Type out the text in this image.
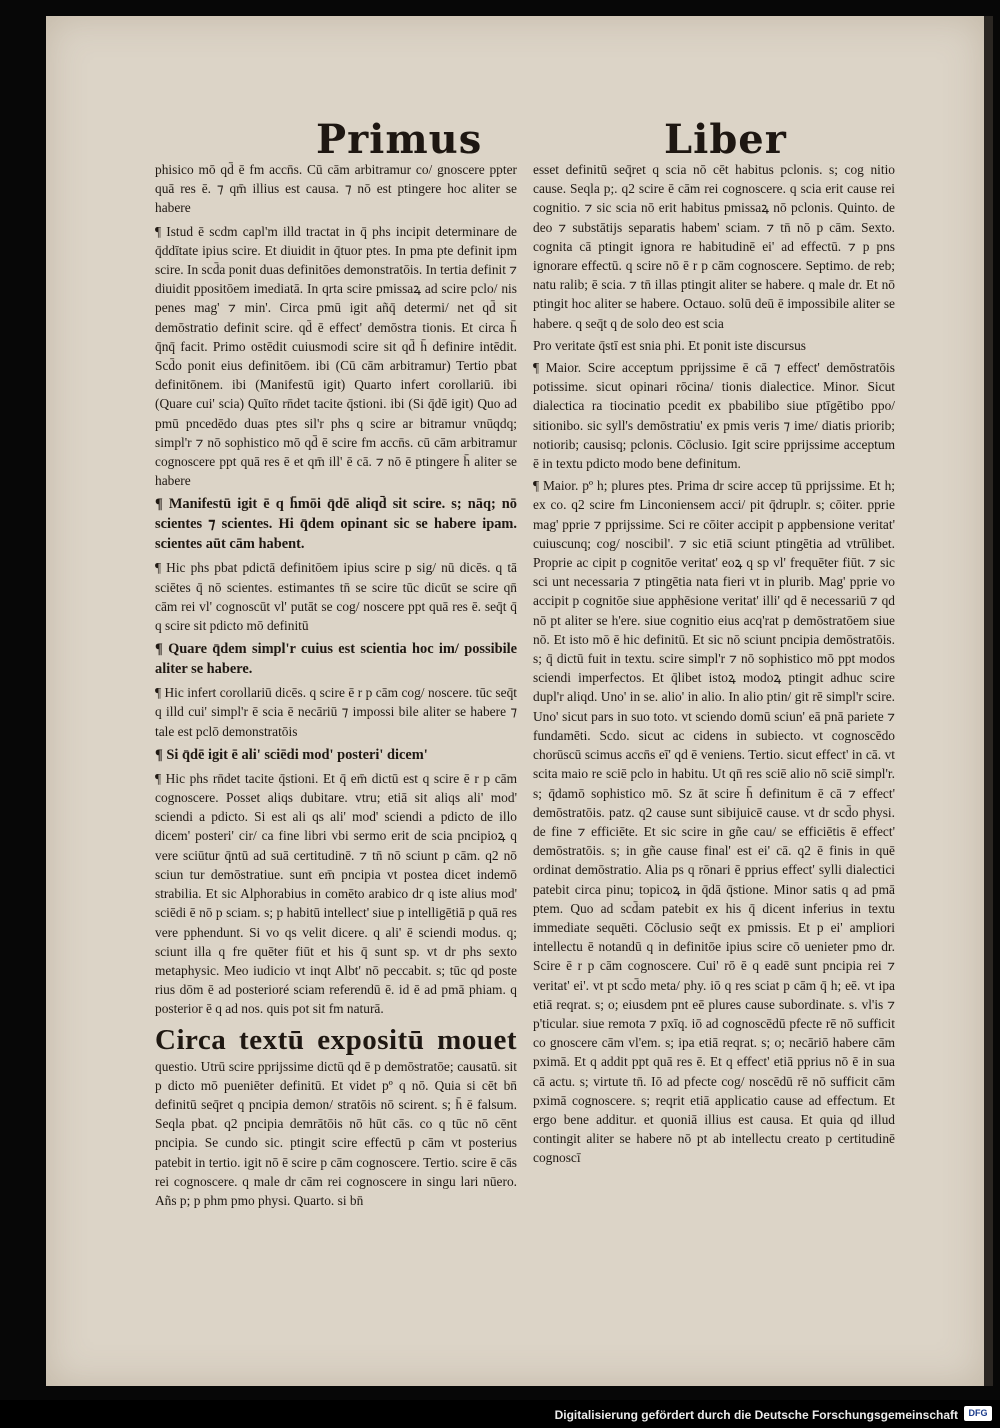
Primus	Liber

phisico mō qd̄ ē fm accn̄s. Cū cām arbitramur co/ gnoscere ppter quā res ē. ⁊ qm̄ illius est causa. ⁊ nō est ptingere hoc aliter se habere

¶ Istud ē scdm capl'm illd tractat in q̄ phs incipit determinare de q̄ddītate ipius scire. Et diuidit in q̄tuor ptes. In pma pte definit ipm scire. In scd̄a ponit duas definitōes demonstratōis. In tertia definit ⁊ diuidit ppositōem imediatā. In qrta scire pmissaꝝ ad scire pclo/ nis penes mag' ⁊ min'. Circa pmū igit añq̄ determi/ net qd̄ sit demōstratio definit scire. qd̄ ē effect' demōstra tionis. Et circa h̄ q̄nq̄ facit. Primo ostēdit cuiusmodi scire sit qd̄ h̄ definire intēdit. Scd̄o ponit eius definitōem. ibi (Cū cām arbitramur) Tertio pbat definitōnem. ibi (Manifestū igit) Quarto infert corollariū. ibi (Quare cui' scia) Quīto rn̄det tacite q̄stioni. ibi (Si q̄dē igit) Quo ad pmū pncedēdo duas ptes sil'r phs q scire ar bitramur vnūqdq; simpl'r ⁊ nō sophistico mō qd̄ ē scire fm accn̄s. cū cām arbitramur cognoscere ppt quā res ē et qm̄ ill' ē cā. ⁊ nō ē ptingere h̄ aliter se habere

¶ Manifestū igit ē q h̄mōi q̄dē aliqd̄ sit scire. s; nāq; nō scientes ⁊ scientes. Hi q̄dem opinant sic se habere ipam. scientes aūt cām habent.

¶ Hic phs pbat pdictā definitōem ipius scire p sig/ nū dicēs. q tā sciētes q̄ nō scientes. estimantes tn̄ se scire tūc dicūt se scire qn̄ cām rei vl' cognoscūt vl' putāt se cog/ noscere ppt quā res ē. seq̄t q̄ q scire sit pdicto mō definitū

¶ Quare q̄dem simpl'r cuius est scientia hoc im/ possibile aliter se habere.

¶ Hic infert corollariū dicēs. q scire ē r p cām cog/ noscere. tūc seq̄t q illd cui' simpl'r ē scia ē necāriū ⁊ impossi bile aliter se habere ⁊ tale est pclō demonstratōis

¶ Si q̄dē igit ē ali' sciēdi mod' posteri' dicem'

¶ Hic phs rn̄det tacite q̄stioni. Et q̄ em̄ dictū est q scire ē r p cām cognoscere. Posset aliqs dubitare. vtru; etiā sit aliqs ali' mod' sciendi a pdicto. Si est ali qs ali' mod' sciendi a pdicto de illo dicem' posteri' cir/ ca fine libri vbi sermo erit de scia pncipioꝝ q vere sciūtur q̄ntū ad suā certitudinē. ⁊ tn̄ nō sciunt p cām. q2 nō sciun tur demōstratiue. sunt em̄ pncipia vt postea dicet indemō strabilia. Et sic Alphorabius in comēto arabico dr q iste alius mod' sciēdi ē nō p sciam. s; p habitū intellect' siue p intelligētiā p quā res vere pphendunt. Si vo qs velit dicere. q ali' ē sciendi modus. q; sciunt illa q fre quēter fiūt et his q̄ sunt sp. vt dr phs sexto metaphysic. Meo iudicio vt inqt Albt' nō peccabit. s; tūc qd poste rius dōm ē ad posterioré sciam referendū ē. id ē ad pmā phiam. q posterior ē q ad nos. quis pot sit fm naturā.

Circa textū expositū mouet questio. Utrū scire pprijssime dictū qd ē p demōstratōe; causatū. sit p dicto mō pueniēter definitū. Et videt pº q nō. Quia si cēt bn̄ definitū seq̄ret q pncipia demon/ stratōis nō scirent. s; h̄ ē falsum. Seqla pbat. q2 pncipia demrātōis nō hūt cās. co q tūc nō cēnt pncipia. Se cundo sic. ptingit scire effectū p cām vt posterius patebit in tertio. igit nō ē scire p cām cognoscere. Tertio. scire ē cās rei cognoscere. q male dr cām rei cognoscere in singu lari nūero. Añs p; p phm pmo physi. Quarto. si bn̄

esset definitū seq̄ret q scia nō cēt habitus pclonis. s; cog nitio cause. Seqla p;. q2 scire ē cām rei cognoscere. q scia erit cause rei cognitio. ⁊ sic scia nō erit habitus pmissaꝝ nō pclonis. Quinto. de deo ⁊ substātijs separatis habem' sciam. ⁊ tn̄ nō p cām. Sexto. cognita cā ptingit ignora re habitudinē ei' ad effectū. ⁊ p pns ignorare effectū. q scire nō ē r p cām cognoscere. Septimo. de reb; natu ralib; ē scia. ⁊ tn̄ illas ptingit aliter se habere. q male dr. Et nō ptingit hoc aliter se habere. Octauo. solū deū ē impossibile aliter se habere. q seq̄t q de solo deo est scia

Pro veritate q̄stī est snia phi. Et ponit iste discursus

¶ Maior. Scire acceptum pprijssime ē cā ⁊ effect' demōstratōis potissime. sicut opinari rōcina/ tionis dialectice. Minor. Sicut dialectica ra tiocinatio pcedit ex pbabilibo siue ptīgētibo ppo/ sitionibo. sic syll's demōstratiu' ex pmis veris ⁊ ime/ diatis priorib; notiorib; causisq; pclonis. Cōclusio. Igit scire pprijssime acceptum ē in textu pdicto modo bene definitum.

¶ Maior. pº h; plures ptes. Prima dr scire accep tū pprijssime. Et h; ex co. q2 scire fm Linconiensem acci/ pit q̄druplr. s; cōiter. pprie mag' pprie ⁊ pprijssime. Sci re cōiter accipit p appbensione veritat' cuiuscunq; cog/ noscibil'. ⁊ sic etiā sciunt ptingētia ad vtrūlibet. Proprie ac cipit p cognitōe veritat' eoꝝ q sp vl' frequēter fiūt. ⁊ sic sci unt necessaria ⁊ ptingētia nata fieri vt in plurib. Mag' pprie vo accipit p cognitōe siue apphēsione veritat' illi' qd ē necessariū ⁊ qd nō pt aliter se h'ere. siue cognitio eius acq'rat p demōstratōem siue nō. Et isto mō ē hic definitū. Et sic nō sciunt pncipia demōstratōis. s; q̄ dictū fuit in textu. scire simpl'r ⁊ nō sophistico mō ppt modos sciendi imperfectos. Et q̄libet istoꝝ modoꝝ ptingit adhuc scire dupl'r aliqd. Uno' in se. alio' in alio. In alio ptin/ git rē simpl'r scire. Uno' sicut pars in suo toto. vt sciendo domū sciun' eā pnā pariete ⁊ fundamēti. Scdo. sicut ac cidens in subiecto. vt cognoscēdo chorūscū scimus accn̄s eī' qd ē veniens. Tertio. sicut effect' in cā. vt scita maio re sciē pclo in habitu. Ut qn̄ res sciē alio nō sciē simpl'r. s; q̄damō sophistico mō. Sz āt scire h̄ definitum ē cā ⁊ effect' demōstratōis. patz. q2 cause sunt sibijuicē cause. vt dr scd̄o physi. de fine ⁊ efficiēte. Et sic scire in gñe cau/ se efficiētis ē effect' demōstratōis. s; in gñe cause final' est ei' cā. q2 ē finis in quē ordinat demōstratio. Alia ps q rōnari ē pprius effect' sylli dialectici patebit circa pinu; topicoꝝ in q̄dā q̄stione. Minor satis q ad pmā ptem. Quo ad scd̄am patebit ex his q̄ dicent inferius in textu immediate sequēti. Cōclusio seq̄t ex pmissis. Et p ei' ampliori intellectu ē notandū q in definitōe ipius scire cō uenieter pmo dr. Scire ē r p cām cognoscere. Cui' rō ē q eadē sunt pncipia rei ⁊ veritat' ei'. vt pt scd̄o meta/ phy. iō q res sciat p cām q̄ h; eē. vt ipa etiā reqrat. s; o; eiusdem pnt eē plures cause subordinate. s. vl'is ⁊ p'ticular. siue remota ⁊ pxīq. iō ad cognoscēdū pfecte rē nō sufficit co gnoscere cām vl'em. s; ipa etiā reqrat. s; o; necāriō habere cām pximā. Et q addit ppt quā res ē. Et q effect' etiā pprius nō ē in sua cā actu. s; virtute tn̄. Iō ad pfecte cog/ noscēdū rē nō sufficit cām pximā cognoscere. s; reqrit etiā applicatio cause ad effectum. Et ergo bene additur. et quoniā illius est causa. Et quia qd illud contingit aliter se habere nō pt ab intellectu creato p certitudinē cognoscī

Digitalisierung gefördert durch die Deutsche Forschungsgemeinschaft	DFG
